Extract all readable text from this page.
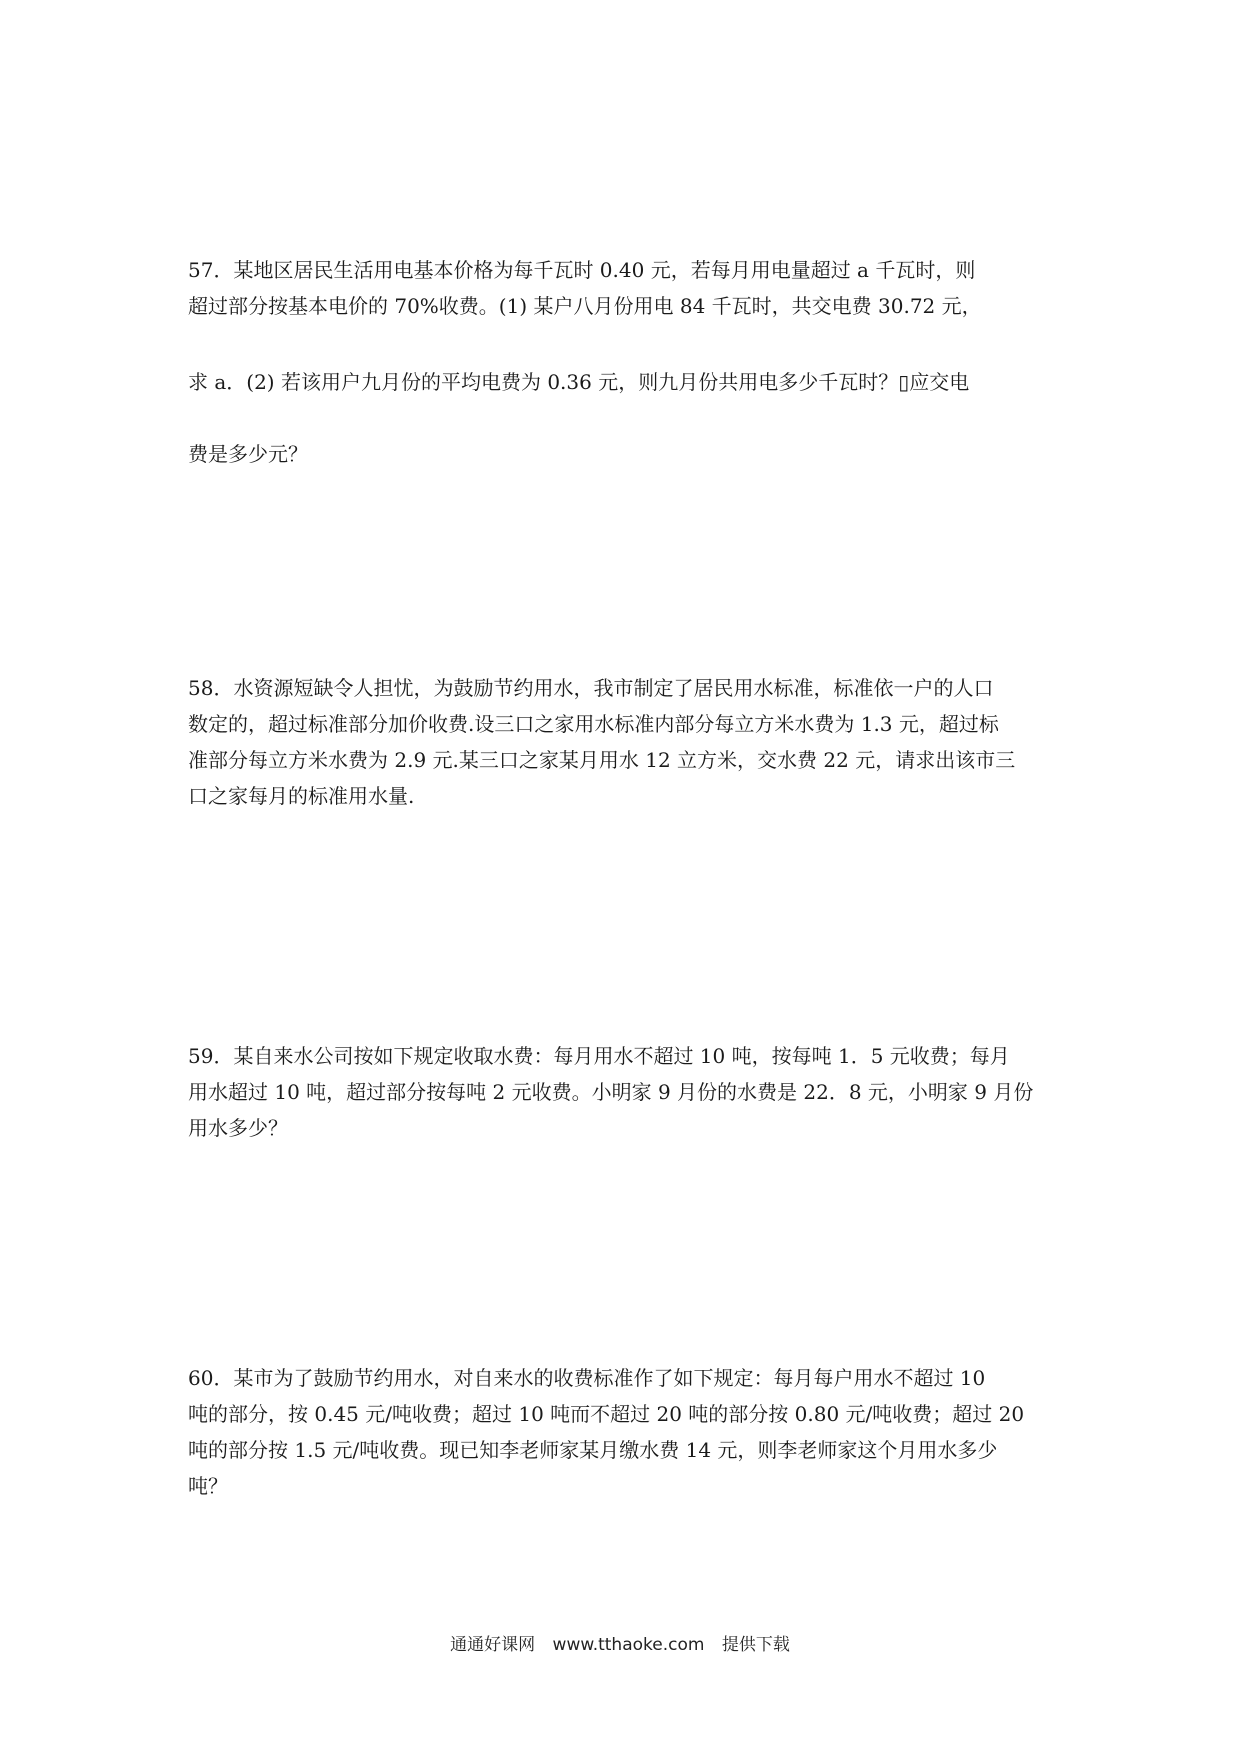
57．某地区居民生活用电基本价格为每千瓦时 0.40 元，若每月用电量超过 a 千瓦时，则
超过部分按基本电价的 70%收费。(1) 某户八月份用电 84 千瓦时，共交电费 30.72 元，
求 a．(2) 若该用户九月份的平均电费为 0.36 元，则九月份共用电多少千瓦时？▯应交电
费是多少元？
58．水资源短缺令人担忧，为鼓励节约用水，我市制定了居民用水标准，标准依一户的人口
数定的，超过标准部分加价收费.设三口之家用水标准内部分每立方米水费为 1.3 元，超过标
准部分每立方米水费为 2.9 元.某三口之家某月用水 12 立方米，交水费 22 元，请求出该市三
口之家每月的标准用水量.
59．某自来水公司按如下规定收取水费：每月用水不超过 10 吨，按每吨 1．5 元收费；每月
用水超过 10 吨，超过部分按每吨 2 元收费。小明家 9 月份的水费是 22．8 元，小明家 9 月份
用水多少？
60．某市为了鼓励节约用水，对自来水的收费标准作了如下规定：每月每户用水不超过 10
吨的部分，按 0.45 元/吨收费；超过 10 吨而不超过 20 吨的部分按 0.80 元/吨收费；超过 20
吨的部分按 1.5 元/吨收费。现已知李老师家某月缴水费 14 元，则李老师家这个月用水多少
吨？
通通好课网 www.tthaoke.com 提供下载
